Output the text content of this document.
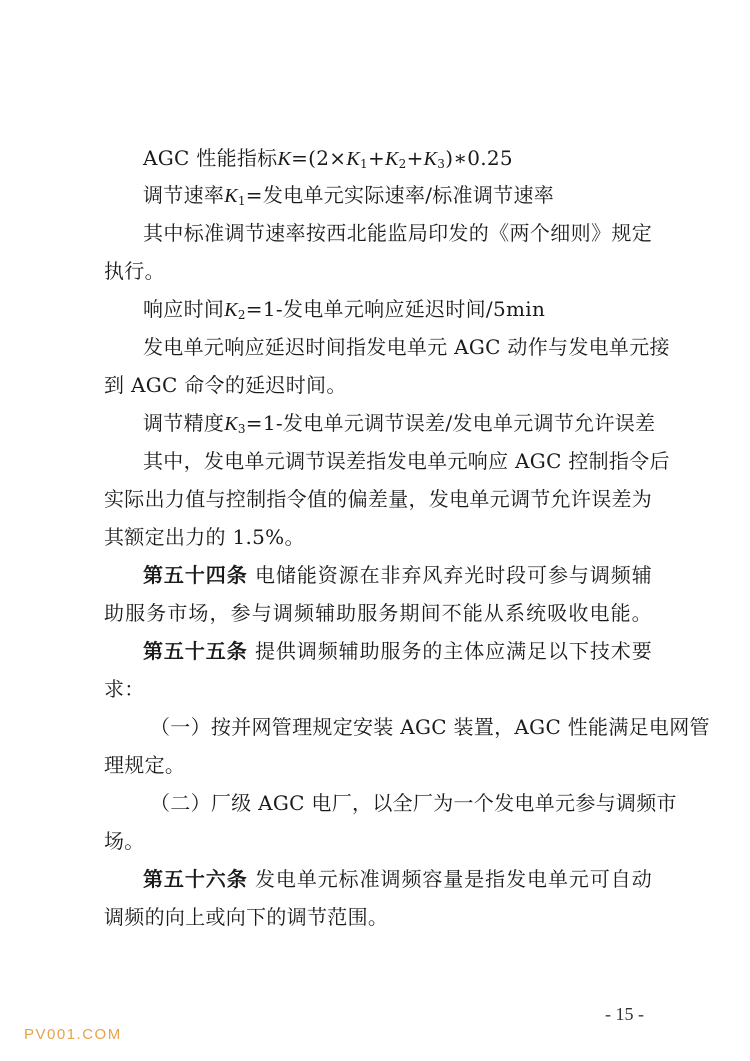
AGC 性能指标$K=(2\times K_1+K_2+K_3)∗0.25$
调节速率$K_1=$发电单元实际速率/标准调节速率
其中标准调节速率按西北能监局印发的《两个细则》规定
执行。
响应时间$K_2=1-$发电单元响应延迟时间/5min
发电单元响应延迟时间指发电单元 AGC 动作与发电单元接
到 AGC 命令的延迟时间。
调节精度$K_3=1-$发电单元调节误差/发电单元调节允许误差
其中，发电单元调节误差指发电单元响应 AGC 控制指令后
实际出力值与控制指令值的偏差量，发电单元调节允许误差为
其额定出力的 1.5%。
第五十四条 电储能资源在非弃风弃光时段可参与调频辅
助服务市场，参与调频辅助服务期间不能从系统吸收电能。
第五十五条 提供调频辅助服务的主体应满足以下技术要
求：
（一）按并网管理规定安装 AGC 装置，AGC 性能满足电网管
理规定。
（二）厂级 AGC 电厂，以全厂为一个发电单元参与调频市
场。
第五十六条 发电单元标准调频容量是指发电单元可自动
调频的向上或向下的调节范围。
- 15 -
PV001.COM
